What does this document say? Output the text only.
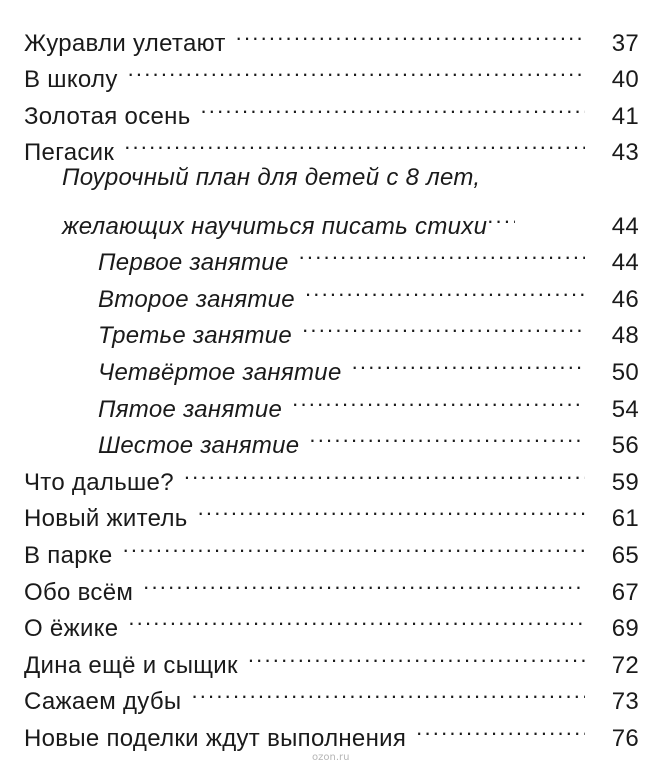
Журавли улетают .....	37
В школу .....	40
Золотая осень .....	41
Пегасик .....	43
Поурочный план для детей с 8 лет,
желающих научиться писать стихи ....	44
Первое занятие .....	44
Второе занятие .....	46
Третье занятие .....	48
Четвёртое занятие .....	50
Пятое занятие .....	54
Шестое занятие .....	56
Что дальше? .....	59
Новый житель .....	61
В парке .....	65
Обо всём .....	67
О ёжике .....	69
Дина ещё и сыщик .....	72
Сажаем дубы .....	73
Новые поделки ждут выполнения .....	76
ozon.ru
